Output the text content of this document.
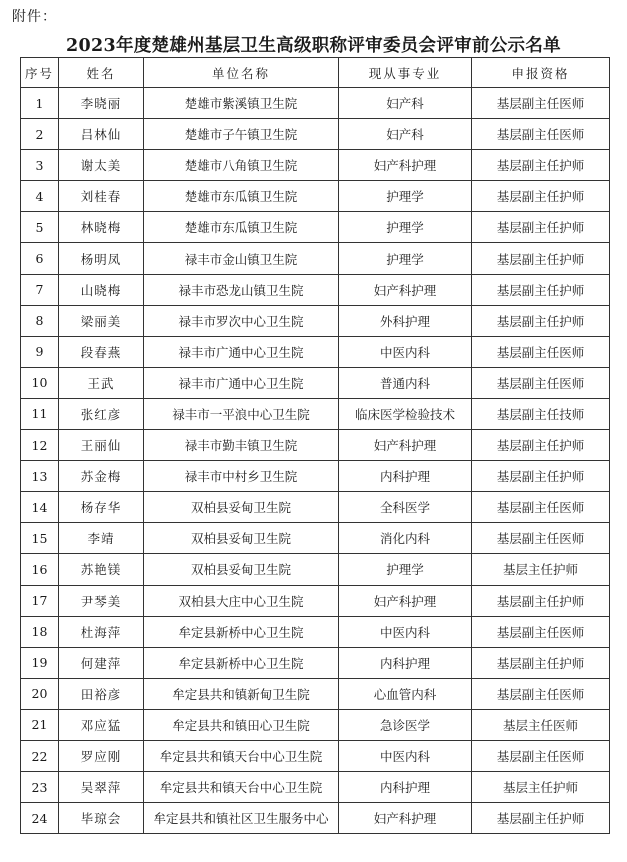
附件：
2023年度楚雄州基层卫生高级职称评审委员会评审前公示名单
序号	姓名	单位名称	现从事专业	申报资格
1	李晓丽	楚雄市紫溪镇卫生院	妇产科	基层副主任医师
2	吕林仙	楚雄市子午镇卫生院	妇产科	基层副主任医师
3	谢太美	楚雄市八角镇卫生院	妇产科护理	基层副主任护师
4	刘桂春	楚雄市东瓜镇卫生院	护理学	基层副主任护师
5	林晓梅	楚雄市东瓜镇卫生院	护理学	基层副主任护师
6	杨明凤	禄丰市金山镇卫生院	护理学	基层副主任护师
7	山晓梅	禄丰市恐龙山镇卫生院	妇产科护理	基层副主任护师
8	梁丽美	禄丰市罗次中心卫生院	外科护理	基层副主任护师
9	段春燕	禄丰市广通中心卫生院	中医内科	基层副主任医师
10	王武	禄丰市广通中心卫生院	普通内科	基层副主任医师
11	张红彦	禄丰市一平浪中心卫生院	临床医学检验技术	基层副主任技师
12	王丽仙	禄丰市勤丰镇卫生院	妇产科护理	基层副主任护师
13	苏金梅	禄丰市中村乡卫生院	内科护理	基层副主任护师
14	杨存华	双柏县妥甸卫生院	全科医学	基层副主任医师
15	李靖	双柏县妥甸卫生院	消化内科	基层副主任医师
16	苏艳镁	双柏县妥甸卫生院	护理学	基层主任护师
17	尹琴美	双柏县大庄中心卫生院	妇产科护理	基层副主任护师
18	杜海萍	牟定县新桥中心卫生院	中医内科	基层副主任医师
19	何建萍	牟定县新桥中心卫生院	内科护理	基层副主任护师
20	田裕彦	牟定县共和镇新甸卫生院	心血管内科	基层副主任医师
21	邓应猛	牟定县共和镇田心卫生院	急诊医学	基层主任医师
22	罗应刚	牟定县共和镇天台中心卫生院	中医内科	基层副主任医师
23	吴翠萍	牟定县共和镇天台中心卫生院	内科护理	基层主任护师
24	毕琼会	牟定县共和镇社区卫生服务中心	妇产科护理	基层副主任护师
